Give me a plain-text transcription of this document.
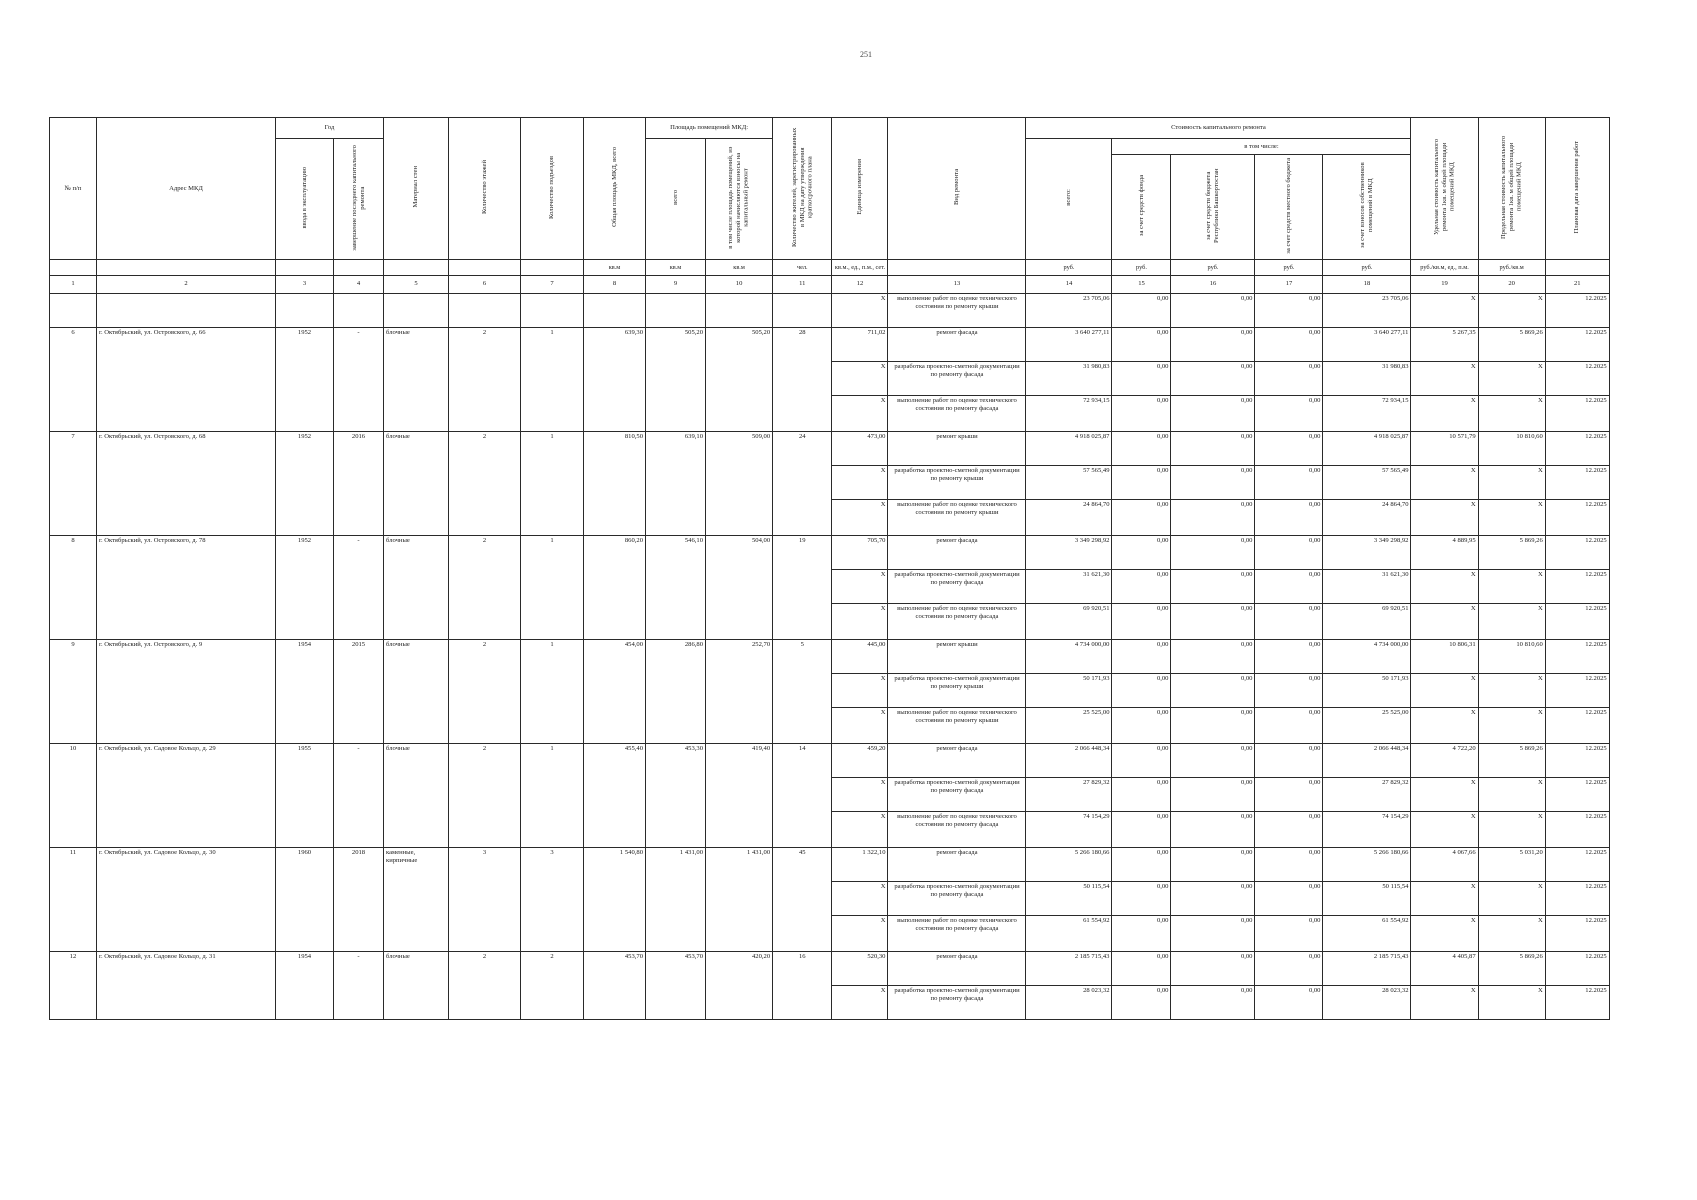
251
№ п/п	Адрес МКД	Год		Материал стен	Количество этажей	Количество подъездов	Общая площадь МКД, всего	Площадь помещений МКД:		Количество жителей, зарегистрированных в МКД на дату утверждения краткосрочного плана	Единица измерения	Вид ремонта	Стоимость капитального ремонта					Удельная стоимость капитального ремонта 1кв. м общей площади помещений МКД	Предельная стоимость капитального ремонта 1кв. м общей площади помещений МКД	Плановая дата завершения работ
		ввода в эксплуатацию	завершение последнего капитального ремонта					всего	в том числе площадь помещений, из которой начисляются взносы на капитальный ремонт				всего:	в том числе:						
														за счет средств фонда	за счет средств бюджета Республики Башкортостан	за счет средств местного бюджета	за счет взносов собственников помещений в МКД			
							кв.м	кв.м	кв.м	чел.	кв.м., ед., п.м., сет.		руб.	руб.	руб.	руб.	руб.	руб./кв.м, ед., п.м.	руб./кв.м	
1	2	3	4	5	6	7	8	9	10	11	12	13	14	15	16	17	18	19	20	21
											X	выполнение работ по оценке технического состояния по ремонту крыши	23 705,06	0,00	0,00	0,00	23 705,06	X	X	12.2025
6	г. Октябрьский, ул. Островского, д. 66	1952	-	блочные	2	1	639,30	505,20	505,20	28	711,02	ремонт фасада	3 640 277,11	0,00	0,00	0,00	3 640 277,11	5 267,35	5 869,26	12.2025
											X	разработка проектно-сметной документации по ремонту фасада	31 980,83	0,00	0,00	0,00	31 980,83	X	X	12.2025
											X	выполнение работ по оценке технического состояния по ремонту фасада	72 934,15	0,00	0,00	0,00	72 934,15	X	X	12.2025
7	г. Октябрьский, ул. Островского, д. 68	1952	2016	блочные	2	1	810,50	639,10	509,00	24	473,00	ремонт крыши	4 918 025,87	0,00	0,00	0,00	4 918 025,87	10 571,79	10 810,60	12.2025
											X	разработка проектно-сметной документации по ремонту крыши	57 565,49	0,00	0,00	0,00	57 565,49	X	X	12.2025
											X	выполнение работ по оценке технического состояния по ремонту крыши	24 864,70	0,00	0,00	0,00	24 864,70	X	X	12.2025
8	г. Октябрьский, ул. Островского, д. 78	1952	-	блочные	2	1	860,20	546,10	504,00	19	705,70	ремонт фасада	3 349 298,92	0,00	0,00	0,00	3 349 298,92	4 889,95	5 869,26	12.2025
											X	разработка проектно-сметной документации по ремонту фасада	31 621,30	0,00	0,00	0,00	31 621,30	X	X	12.2025
											X	выполнение работ по оценке технического состояния по ремонту фасада	69 920,51	0,00	0,00	0,00	69 920,51	X	X	12.2025
9	г. Октябрьский, ул. Островского, д. 9	1954	2015	блочные	2	1	454,00	286,80	252,70	5	445,00	ремонт крыши	4 734 000,00	0,00	0,00	0,00	4 734 000,00	10 806,31	10 810,60	12.2025
											X	разработка проектно-сметной документации по ремонту крыши	50 171,93	0,00	0,00	0,00	50 171,93	X	X	12.2025
											X	выполнение работ по оценке технического состояния по ремонту крыши	25 525,00	0,00	0,00	0,00	25 525,00	X	X	12.2025
10	г. Октябрьский, ул. Садовое Кольцо, д. 29	1955	-	блочные	2	1	455,40	453,30	419,40	14	459,20	ремонт фасада	2 066 448,34	0,00	0,00	0,00	2 066 448,34	4 722,20	5 869,26	12.2025
											X	разработка проектно-сметной документации по ремонту фасада	27 829,32	0,00	0,00	0,00	27 829,32	X	X	12.2025
											X	выполнение работ по оценке технического состояния по ремонту фасада	74 154,29	0,00	0,00	0,00	74 154,29	X	X	12.2025
11	г. Октябрьский, ул. Садовое Кольцо, д. 30	1960	2018	каменные, кирпичные	3	3	1 540,80	1 431,00	1 431,00	45	1 322,10	ремонт фасада	5 266 180,66	0,00	0,00	0,00	5 266 180,66	4 067,66	5 031,20	12.2025
											X	разработка проектно-сметной документации по ремонту фасада	50 115,54	0,00	0,00	0,00	50 115,54	X	X	12.2025
											X	выполнение работ по оценке технического состояния по ремонту фасада	61 554,92	0,00	0,00	0,00	61 554,92	X	X	12.2025
12	г. Октябрьский, ул. Садовое Кольцо, д. 31	1954	-	блочные	2	2	453,70	453,70	420,20	16	520,30	ремонт фасада	2 185 715,43	0,00	0,00	0,00	2 185 715,43	4 405,87	5 869,26	12.2025
											X	разработка проектно-сметной документации по ремонту фасада	28 023,32	0,00	0,00	0,00	28 023,32	X	X	12.2025
